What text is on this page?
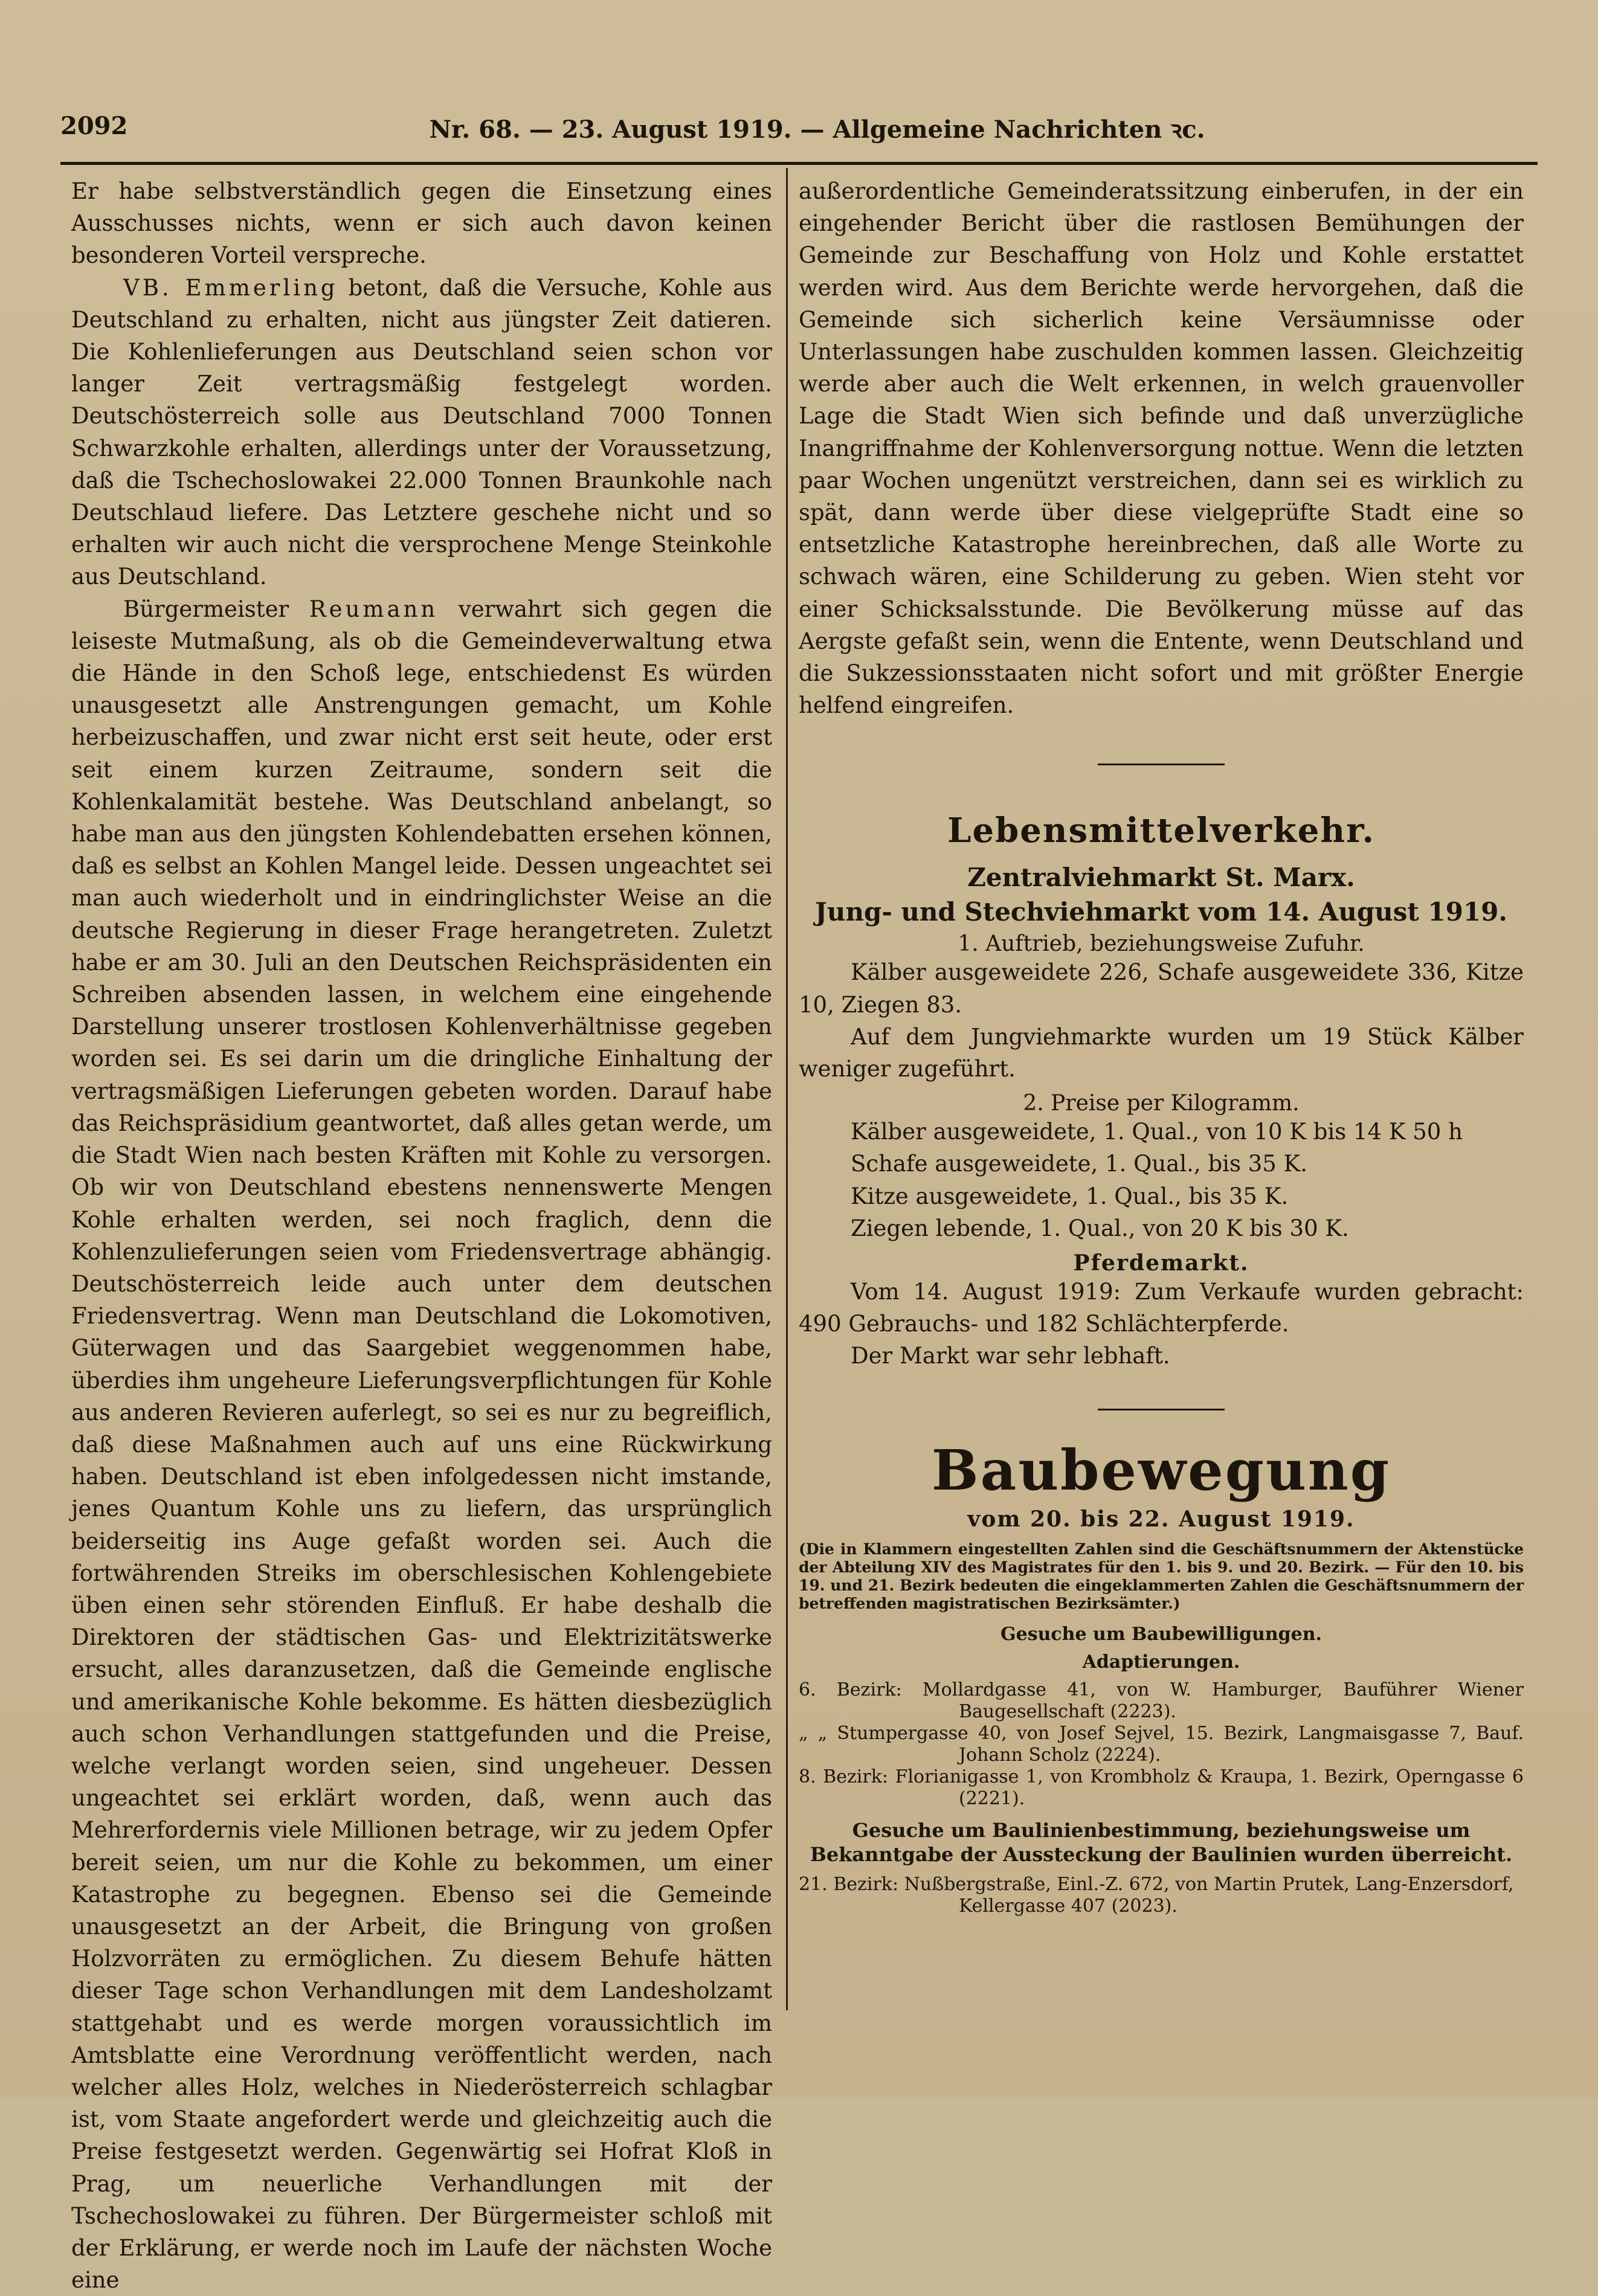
2092	Nr. 68. — 23. August 1919. — Allgemeine Nachrichten ꝛc.

Er habe selbstverständlich gegen die Einsetzung eines Ausschusses nichts, wenn er sich auch davon keinen besonderen Vorteil verspreche.

VB. Emmerling betont, daß die Versuche, Kohle aus Deutschland zu erhalten, nicht aus jüngster Zeit datieren. Die Kohlenlieferungen aus Deutschland seien schon vor langer Zeit vertragsmäßig festgelegt worden. Deutschösterreich solle aus Deutschland 7000 Tonnen Schwarzkohle erhalten, allerdings unter der Voraussetzung, daß die Tschechoslowakei 22.000 Tonnen Braunkohle nach Deutschlaud liefere. Das Letztere geschehe nicht und so erhalten wir auch nicht die versprochene Menge Steinkohle aus Deutschland.

Bürgermeister Reumann verwahrt sich gegen die leiseste Mutmaßung, als ob die Gemeindeverwaltung etwa die Hände in den Schoß lege, entschiedenst Es würden unausgesetzt alle Anstrengungen gemacht, um Kohle herbeizuschaffen, und zwar nicht erst seit heute, oder erst seit einem kurzen Zeitraume, sondern seit die Kohlenkalamität bestehe. Was Deutschland anbelangt, so habe man aus den jüngsten Kohlendebatten ersehen können, daß es selbst an Kohlen Mangel leide. Dessen ungeachtet sei man auch wiederholt und in eindringlichster Weise an die deutsche Regierung in dieser Frage herangetreten. Zuletzt habe er am 30. Juli an den Deutschen Reichspräsidenten ein Schreiben absenden lassen, in welchem eine eingehende Darstellung unserer trostlosen Kohlenverhältnisse gegeben worden sei. Es sei darin um die dringliche Einhaltung der vertragsmäßigen Lieferungen gebeten worden. Darauf habe das Reichspräsidium geantwortet, daß alles getan werde, um die Stadt Wien nach besten Kräften mit Kohle zu versorgen. Ob wir von Deutschland ebestens nennenswerte Mengen Kohle erhalten werden, sei noch fraglich, denn die Kohlenzulieferungen seien vom Friedensvertrage abhängig. Deutschösterreich leide auch unter dem deutschen Friedensvertrag. Wenn man Deutschland die Lokomotiven, Güterwagen und das Saargebiet weggenommen habe, überdies ihm ungeheure Lieferungsverpflichtungen für Kohle aus anderen Revieren auferlegt, so sei es nur zu begreiflich, daß diese Maßnahmen auch auf uns eine Rückwirkung haben. Deutschland ist eben infolgedessen nicht imstande, jenes Quantum Kohle uns zu liefern, das ursprünglich beiderseitig ins Auge gefaßt worden sei. Auch die fortwährenden Streiks im oberschlesischen Kohlengebiete üben einen sehr störenden Einfluß. Er habe deshalb die Direktoren der städtischen Gas- und Elektrizitätswerke ersucht, alles daranzusetzen, daß die Gemeinde englische und amerikanische Kohle bekomme. Es hätten diesbezüglich auch schon Verhandlungen stattgefunden und die Preise, welche verlangt worden seien, sind ungeheuer. Dessen ungeachtet sei erklärt worden, daß, wenn auch das Mehrerfordernis viele Millionen betrage, wir zu jedem Opfer bereit seien, um nur die Kohle zu bekommen, um einer Katastrophe zu begegnen. Ebenso sei die Gemeinde unausgesetzt an der Arbeit, die Bringung von großen Holzvorräten zu ermöglichen. Zu diesem Behufe hätten dieser Tage schon Verhandlungen mit dem Landesholzamt stattgehabt und es werde morgen voraussichtlich im Amtsblatte eine Verordnung veröffentlicht werden, nach welcher alles Holz, welches in Niederösterreich schlagbar ist, vom Staate angefordert werde und gleichzeitig auch die Preise festgesetzt werden. Gegenwärtig sei Hofrat Kloß in Prag, um neuerliche Verhandlungen mit der Tschechoslowakei zu führen. Der Bürgermeister schloß mit der Erklärung, er werde noch im Laufe der nächsten Woche eine

außerordentliche Gemeinderatssitzung einberufen, in der ein eingehender Bericht über die rastlosen Bemühungen der Gemeinde zur Beschaffung von Holz und Kohle erstattet werden wird. Aus dem Berichte werde hervorgehen, daß die Gemeinde sich sicherlich keine Versäumnisse oder Unterlassungen habe zuschulden kommen lassen. Gleichzeitig werde aber auch die Welt erkennen, in welch grauenvoller Lage die Stadt Wien sich befinde und daß unverzügliche Inangriffnahme der Kohlenversorgung nottue. Wenn die letzten paar Wochen ungenützt verstreichen, dann sei es wirklich zu spät, dann werde über diese vielgeprüfte Stadt eine so entsetzliche Katastrophe hereinbrechen, daß alle Worte zu schwach wären, eine Schilderung zu geben. Wien steht vor einer Schicksalsstunde. Die Bevölkerung müsse auf das Aergste gefaßt sein, wenn die Entente, wenn Deutschland und die Sukzessionsstaaten nicht sofort und mit größter Energie helfend eingreifen.

Lebensmittelverkehr.

Zentralviehmarkt St. Marx.

Jung- und Stechviehmarkt vom 14. August 1919.

1. Auftrieb, beziehungsweise Zufuhr.

Kälber ausgeweidete 226, Schafe ausgeweidete 336, Kitze 10, Ziegen 83.

Auf dem Jungviehmarkte wurden um 19 Stück Kälber weniger zugeführt.

2. Preise per Kilogramm.

Kälber ausgeweidete, 1. Qual., von 10 K bis 14 K 50 h

Schafe ausgeweidete, 1. Qual., bis 35 K.

Kitze ausgeweidete, 1. Qual., bis 35 K.

Ziegen lebende, 1. Qual., von 20 K bis 30 K.

Pferdemarkt.

Vom 14. August 1919: Zum Verkaufe wurden gebracht: 490 Gebrauchs- und 182 Schlächterpferde.

Der Markt war sehr lebhaft.

Baubewegung

vom 20. bis 22. August 1919.

(Die in Klammern eingestellten Zahlen sind die Geschäftsnummern der Aktenstücke der Abteilung XIV des Magistrates für den 1. bis 9. und 20. Bezirk. — Für den 10. bis 19. und 21. Bezirk bedeuten die eingeklammerten Zahlen die Geschäftsnummern der betreffenden magistratischen Bezirksämter.)

Gesuche um Baubewilligungen.

Adaptierungen.

6. Bezirk: Mollardgasse 41, von W. Hamburger, Bauführer Wiener Baugesellschaft (2223).

„ „ Stumpergasse 40, von Josef Sejvel, 15. Bezirk, Langmaisgasse 7, Bauf. Johann Scholz (2224).

8. Bezirk: Florianigasse 1, von Krombholz & Kraupa, 1. Bezirk, Operngasse 6 (2221).

Gesuche um Baulinienbestimmung, beziehungsweise um Bekanntgabe der Aussteckung der Baulinien wurden überreicht.

21. Bezirk: Nußbergstraße, Einl.-Z. 672, von Martin Prutek, Lang-Enzersdorf, Kellergasse 407 (2023).
